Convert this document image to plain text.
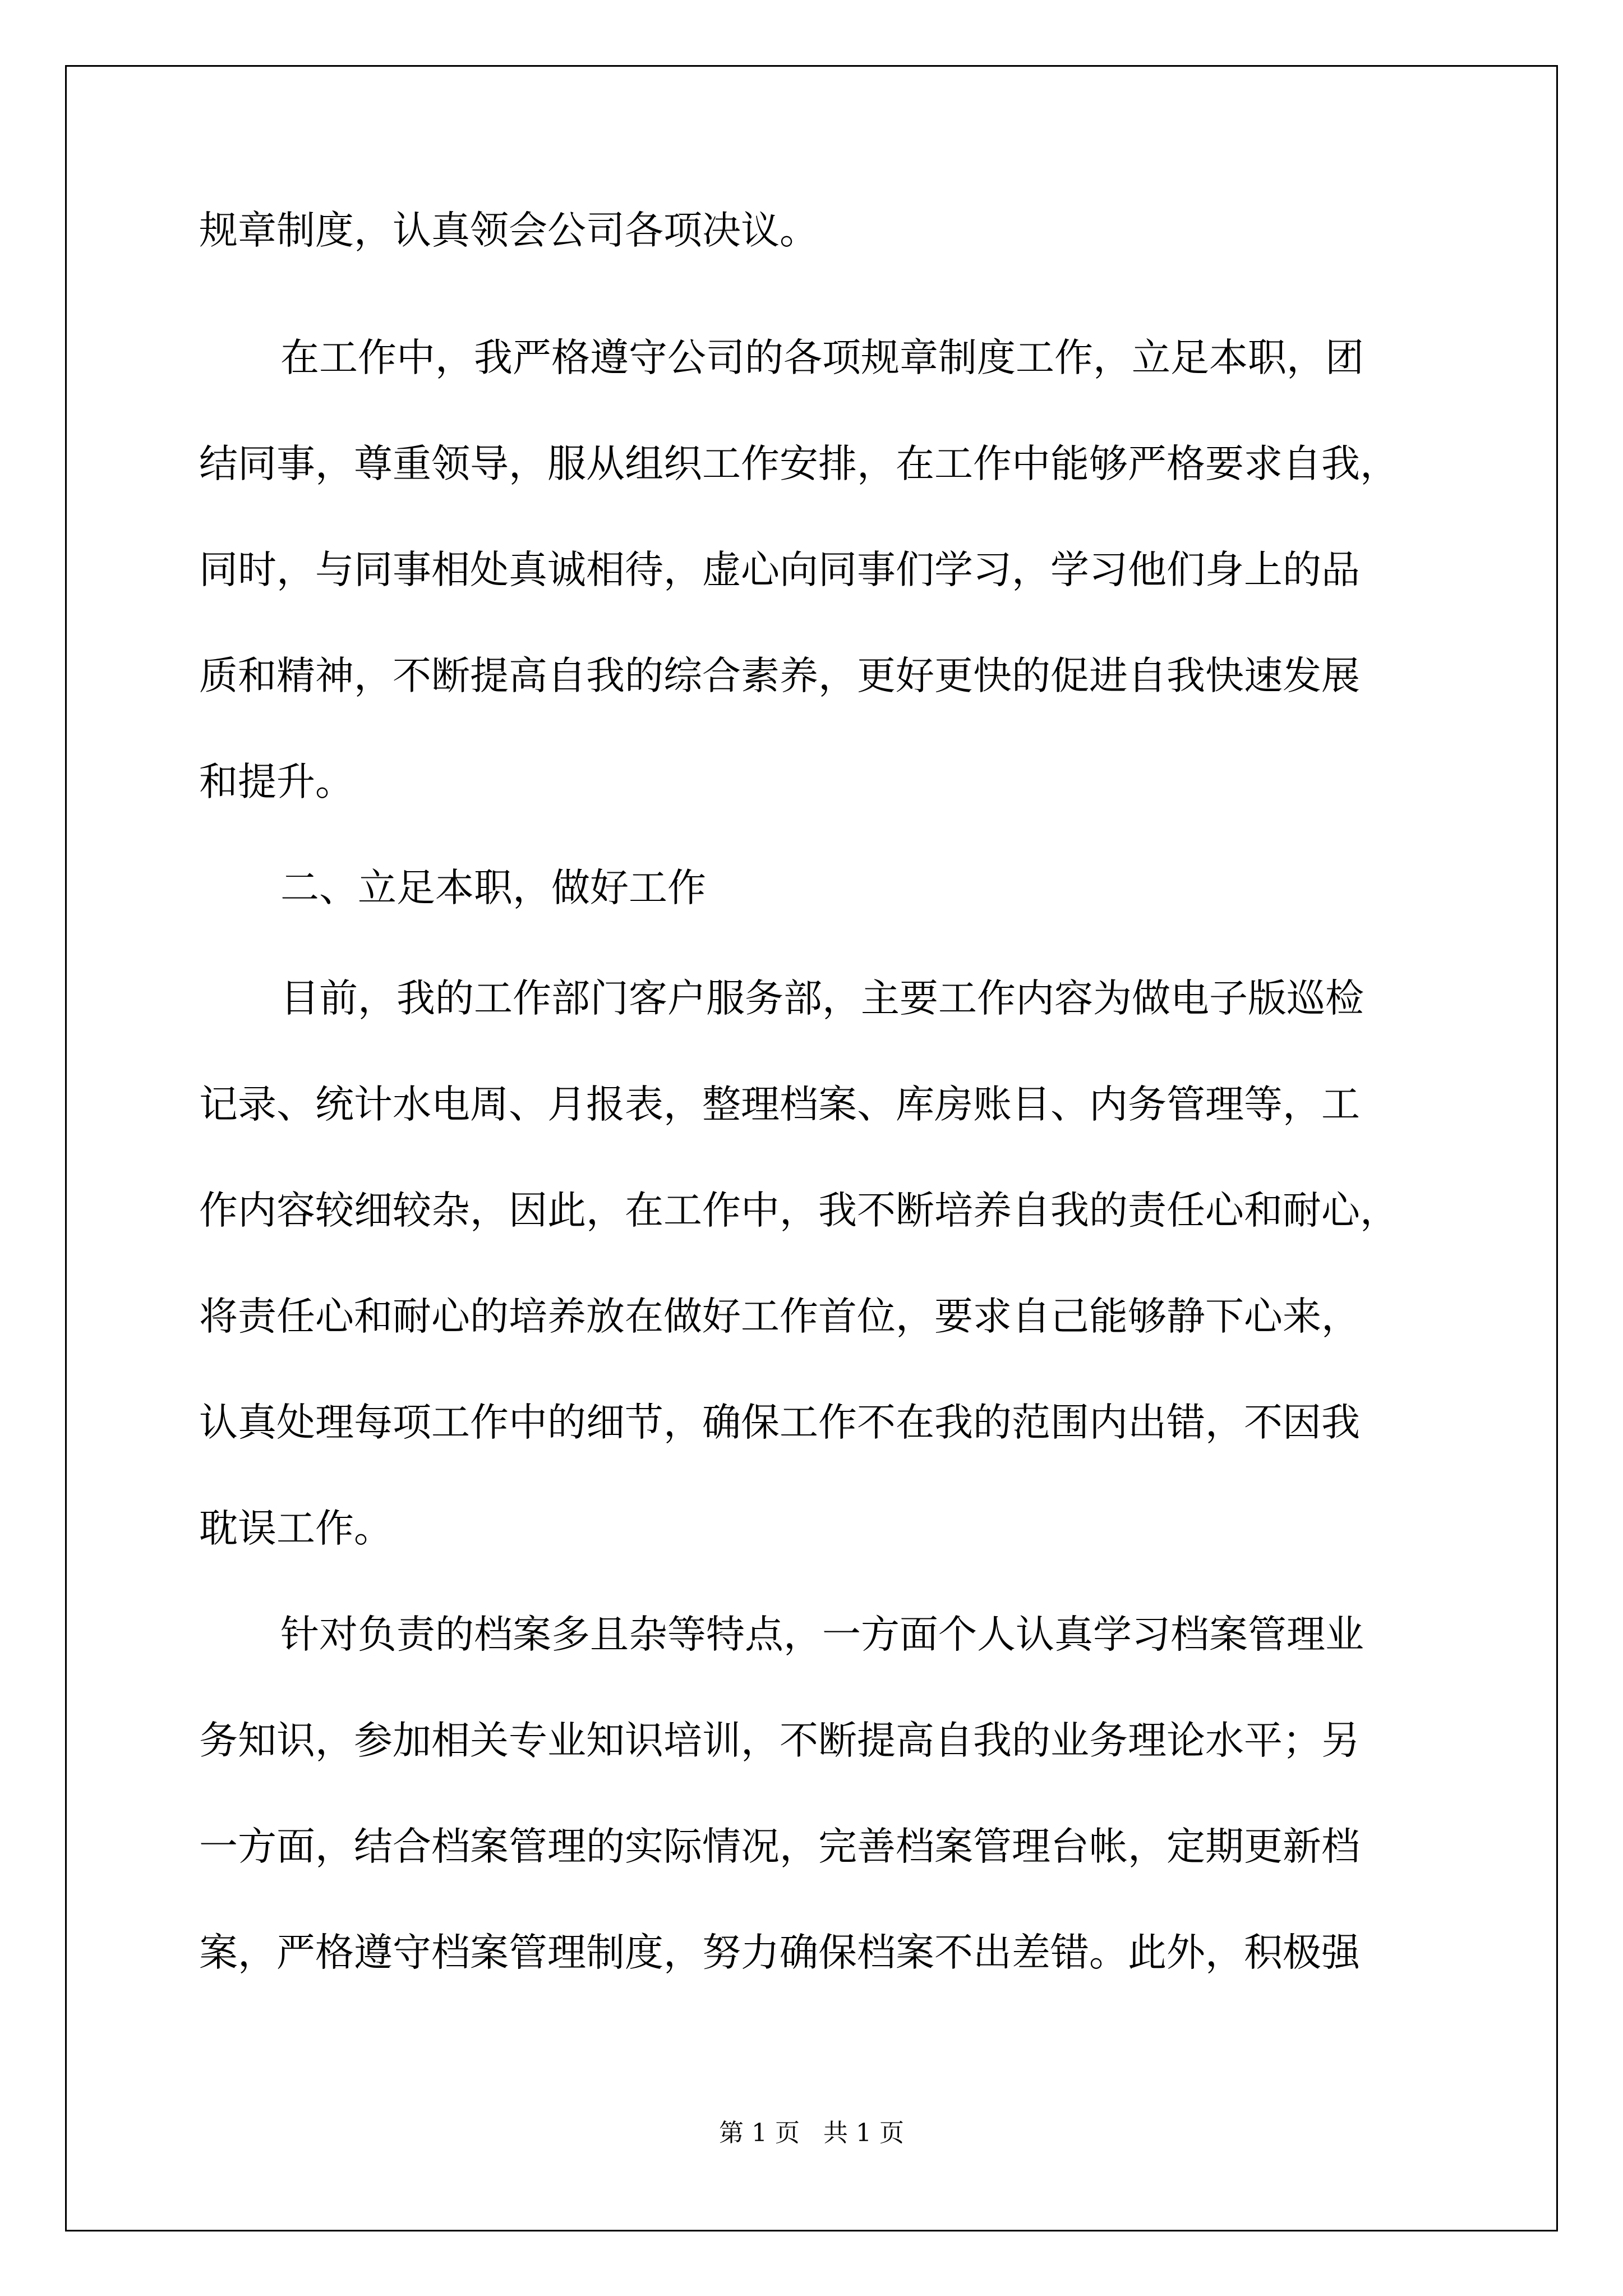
规章制度，认真领会公司各项决议。
在工作中，我严格遵守公司的各项规章制度工作，立足本职，团
结同事，尊重领导，服从组织工作安排，在工作中能够严格要求自我，
同时，与同事相处真诚相待，虚心向同事们学习，学习他们身上的品
质和精神，不断提高自我的综合素养，更好更快的促进自我快速发展
和提升。
二、立足本职，做好工作
目前，我的工作部门客户服务部，主要工作内容为做电子版巡检
记录、统计水电周、月报表，整理档案、库房账目、内务管理等，工
作内容较细较杂，因此，在工作中，我不断培养自我的责任心和耐心，
将责任心和耐心的培养放在做好工作首位，要求自己能够静下心来，
认真处理每项工作中的细节，确保工作不在我的范围内出错，不因我
耽误工作。
针对负责的档案多且杂等特点，一方面个人认真学习档案管理业
务知识，参加相关专业知识培训，不断提高自我的业务理论水平；另
一方面，结合档案管理的实际情况，完善档案管理台帐，定期更新档
案，严格遵守档案管理制度，努力确保档案不出差错。此外，积极强
第 1 页   共 1 页
